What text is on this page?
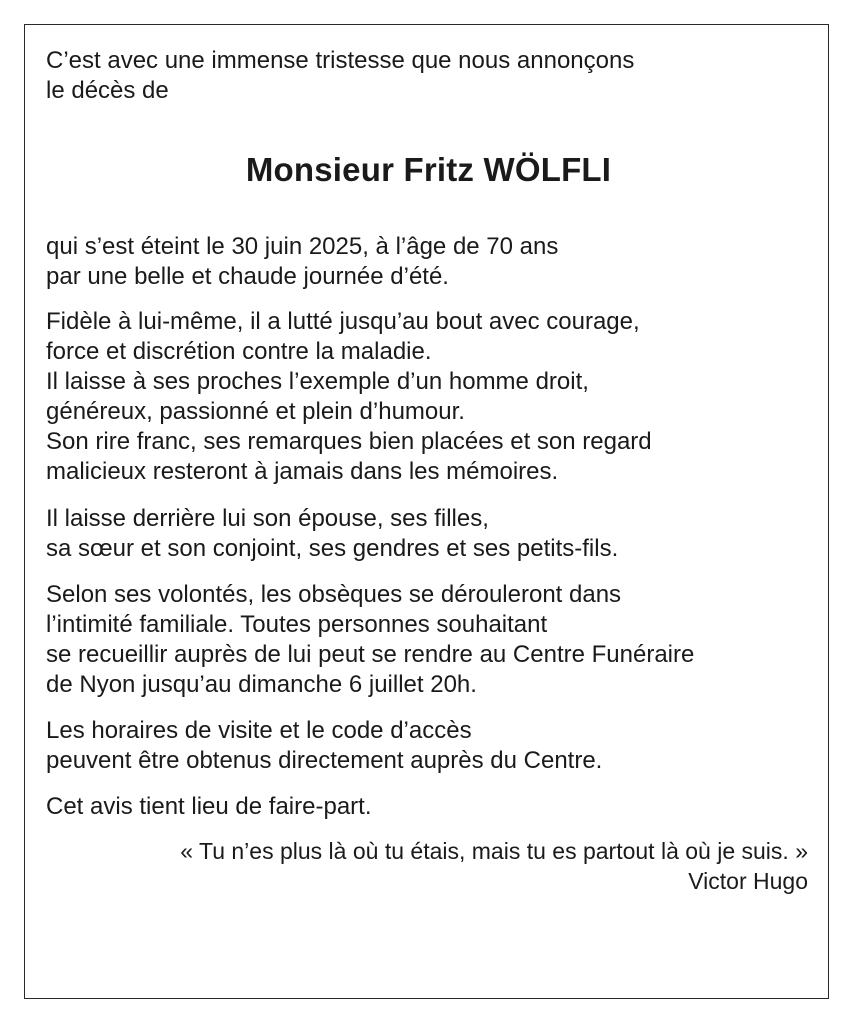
C’est avec une immense tristesse que nous annonçons
le décès de

Monsieur Fritz WÖLFLI

qui s’est éteint le 30 juin 2025, à l’âge de 70 ans
par une belle et chaude journée d’été.

Fidèle à lui-même, il a lutté jusqu’au bout avec courage,
force et discrétion contre la maladie.
Il laisse à ses proches l’exemple d’un homme droit,
généreux, passionné et plein d’humour.
Son rire franc, ses remarques bien placées et son regard
malicieux resteront à jamais dans les mémoires.

Il laisse derrière lui son épouse, ses filles,
sa sœur et son conjoint, ses gendres et ses petits-fils.

Selon ses volontés, les obsèques se dérouleront dans
l’intimité familiale. Toutes personnes souhaitant
se recueillir auprès de lui peut se rendre au Centre Funéraire
de Nyon jusqu’au dimanche 6 juillet 20h.

Les horaires de visite et le code d’accès
peuvent être obtenus directement auprès du Centre.

Cet avis tient lieu de faire-part.

« Tu n’es plus là où tu étais, mais tu es partout là où je suis. »
Victor Hugo
